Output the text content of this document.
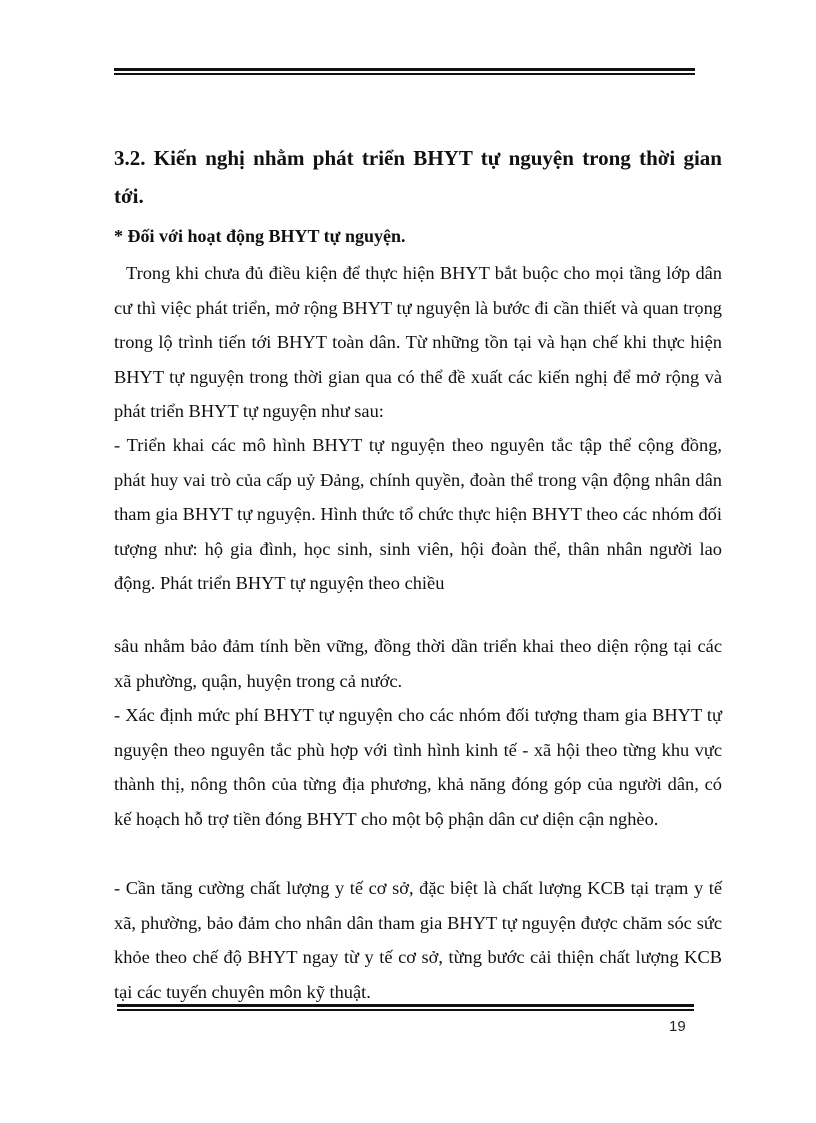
3.2. Kiến nghị nhằm phát triển BHYT tự nguyện trong thời gian tới.
* Đối với hoạt động BHYT tự nguyện.
Trong khi chưa đủ điều kiện để thực hiện BHYT bắt buộc cho mọi tầng lớp dân cư thì việc phát triển, mở rộng BHYT tự nguyện là bước đi cần thiết và quan trọng trong lộ trình tiến tới BHYT toàn dân. Từ những tồn tại và hạn chế khi thực hiện BHYT tự nguyện trong thời gian qua có thể đề xuất các kiến nghị để mở rộng và phát triển BHYT tự nguyện như sau:
- Triển khai các mô hình BHYT tự nguyện theo nguyên tắc tập thể cộng đồng, phát huy vai trò của cấp uỷ Đảng, chính quyền, đoàn thể trong vận động nhân dân tham gia BHYT tự nguyện. Hình thức tổ chức thực hiện BHYT theo các nhóm đối tượng như: hộ gia đình, học sinh, sinh viên, hội đoàn thể, thân nhân người lao động. Phát triển BHYT tự nguyện theo chiều
sâu nhằm bảo đảm tính bền vững, đồng thời dần triển khai theo diện rộng tại các xã phường, quận, huyện trong cả nước.
- Xác định mức phí BHYT tự nguyện cho các nhóm đối tượng tham gia BHYT tự nguyện theo nguyên tắc phù hợp với tình hình kinh tế - xã hội theo từng khu vực thành thị, nông thôn của từng địa phương, khả năng đóng góp của người dân, có kế hoạch hỗ trợ tiền đóng BHYT cho một bộ phận dân cư diện cận nghèo.
- Cần tăng cường chất lượng y tế cơ sở, đặc biệt là chất lượng KCB tại trạm y tế xã, phường, bảo đảm cho nhân dân tham gia BHYT tự nguyện được chăm sóc sức khỏe theo chế độ BHYT ngay từ y tế cơ sở, từng bước cải thiện chất lượng KCB tại các tuyến chuyên môn kỹ thuật.
19
